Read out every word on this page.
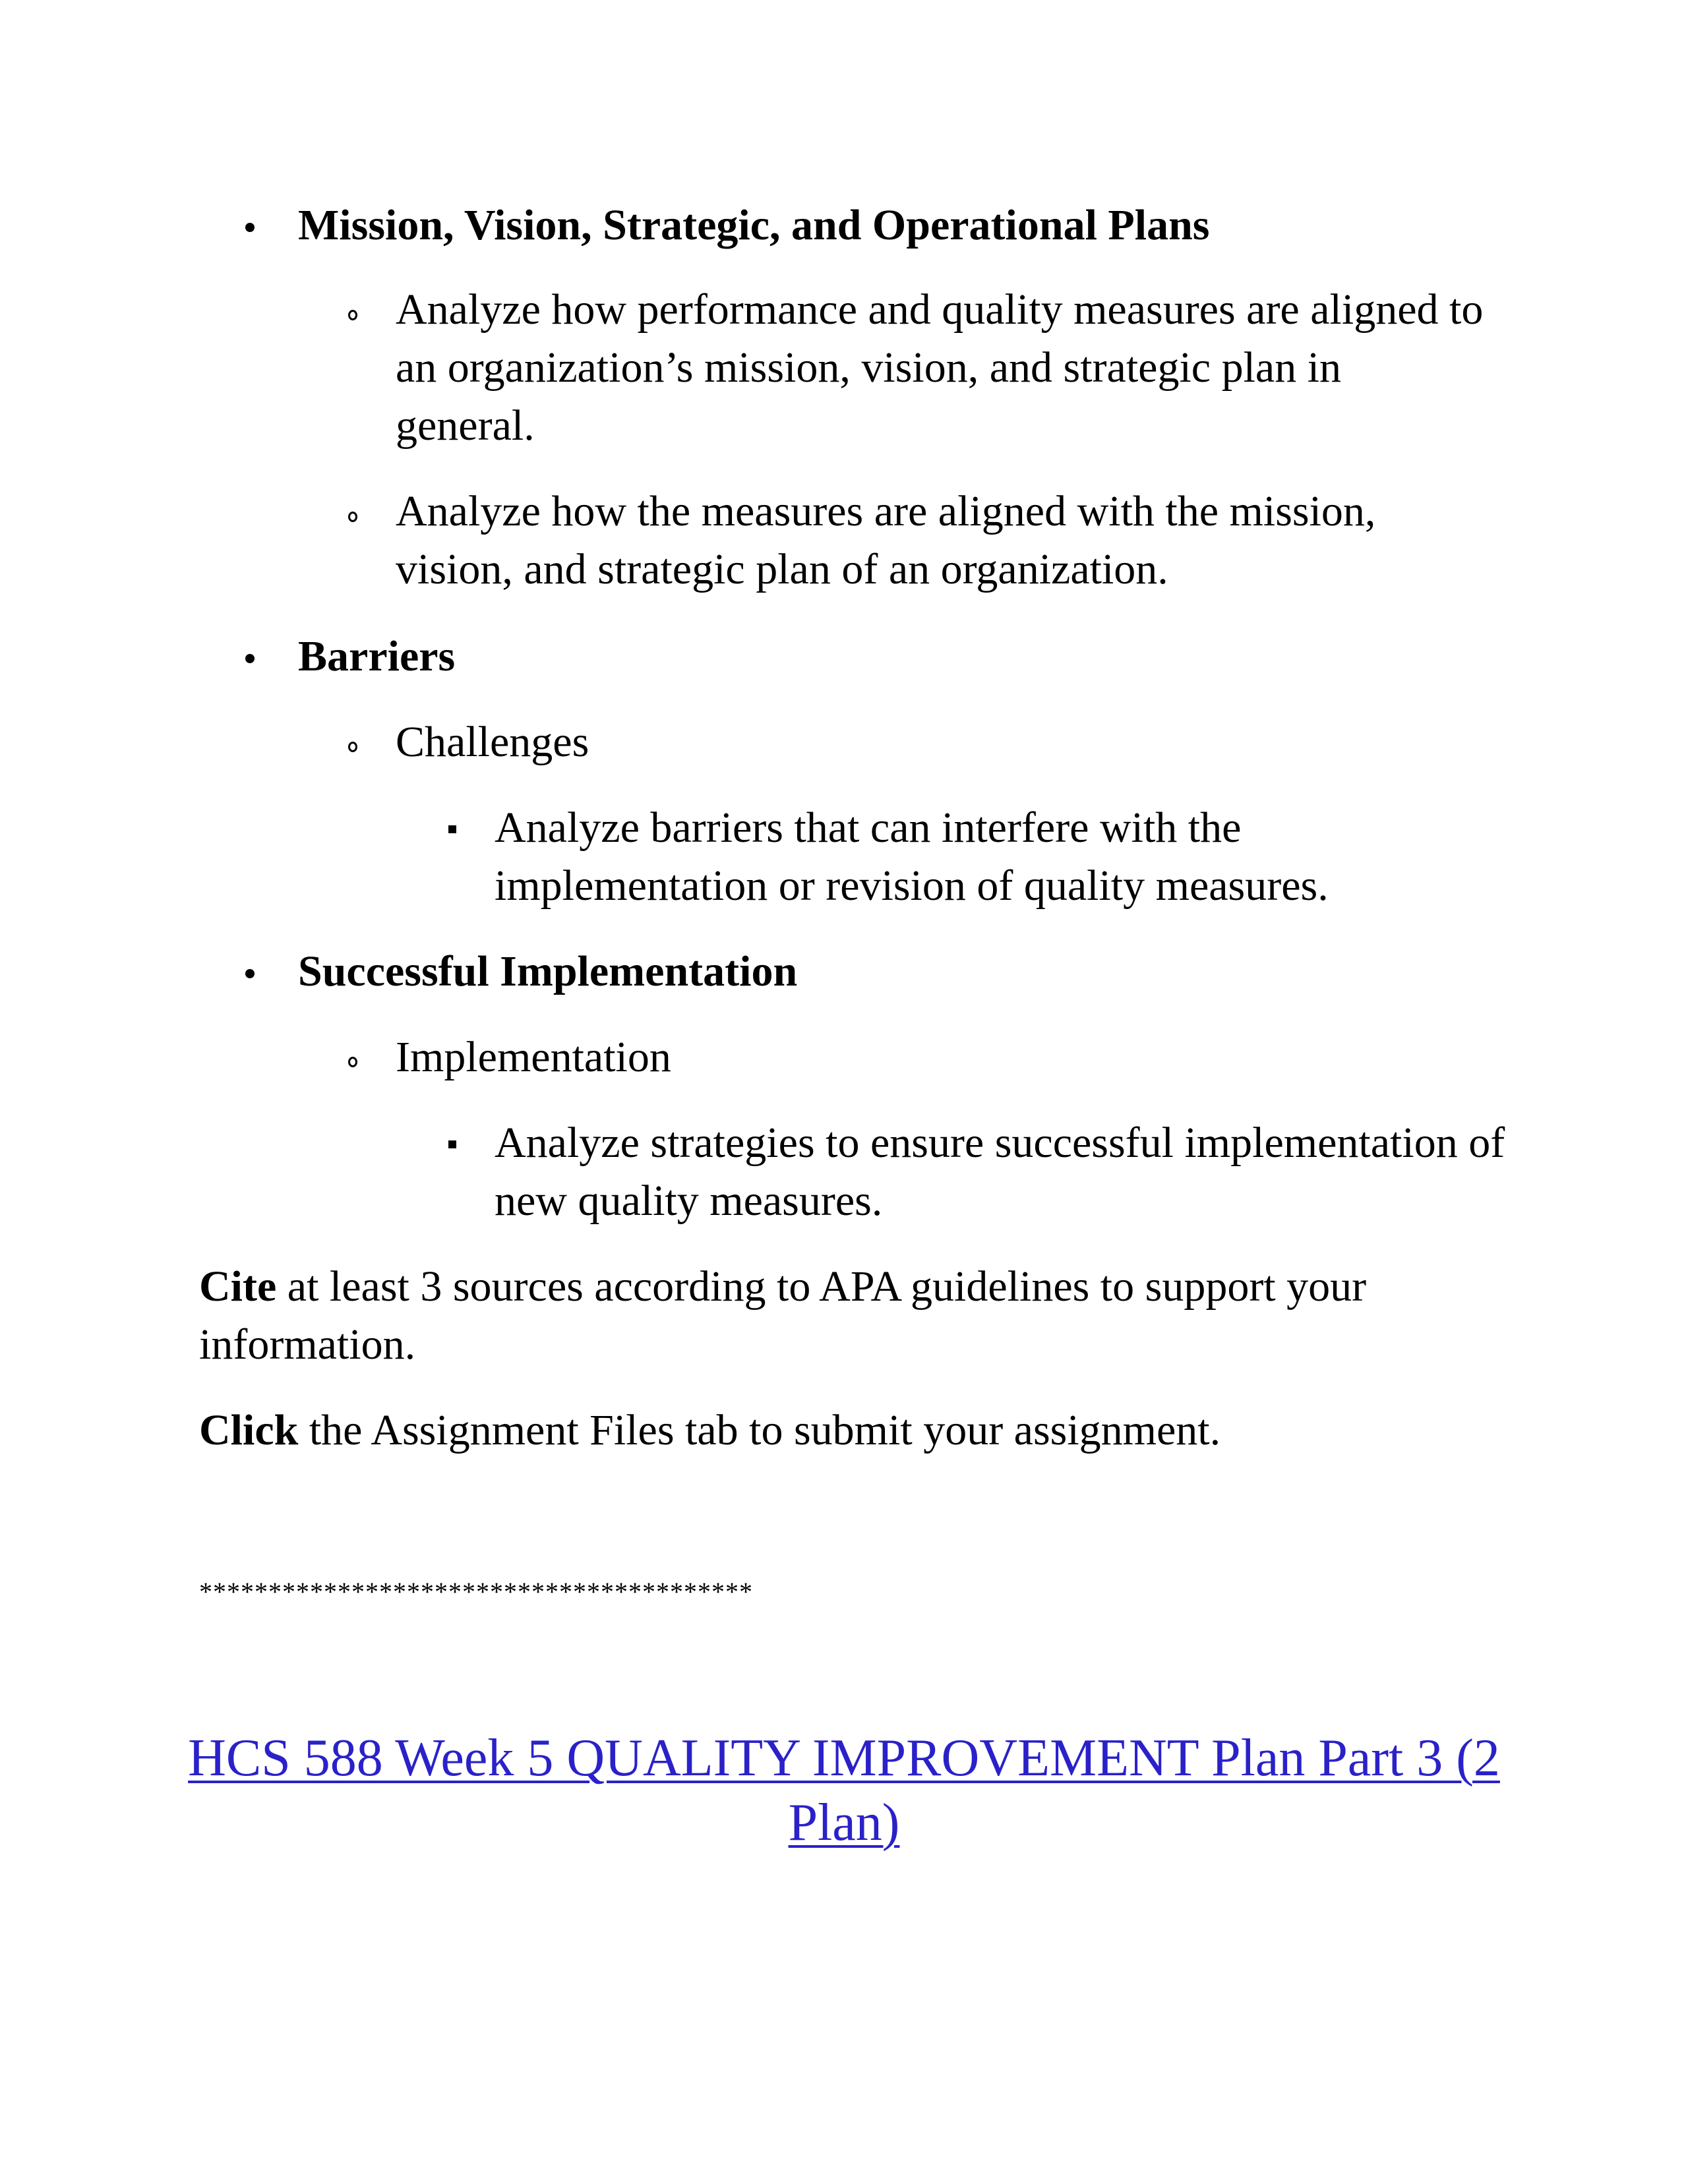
Mission, Vision, Strategic, and Operational Plans
Analyze how performance and quality measures are aligned to an organization’s mission, vision, and strategic plan in general.
Analyze how the measures are aligned with the mission, vision, and strategic plan of an organization.
Barriers
Challenges
Analyze barriers that can interfere with the implementation or revision of quality measures.
Successful Implementation
Implementation
Analyze strategies to ensure successful implementation of new quality measures.
Cite at least 3 sources according to APA guidelines to support your information.
Click the Assignment Files tab to submit your assignment.
****************************************
HCS 588 Week 5 QUALITY IMPROVEMENT Plan Part 3 (2 Plan)
